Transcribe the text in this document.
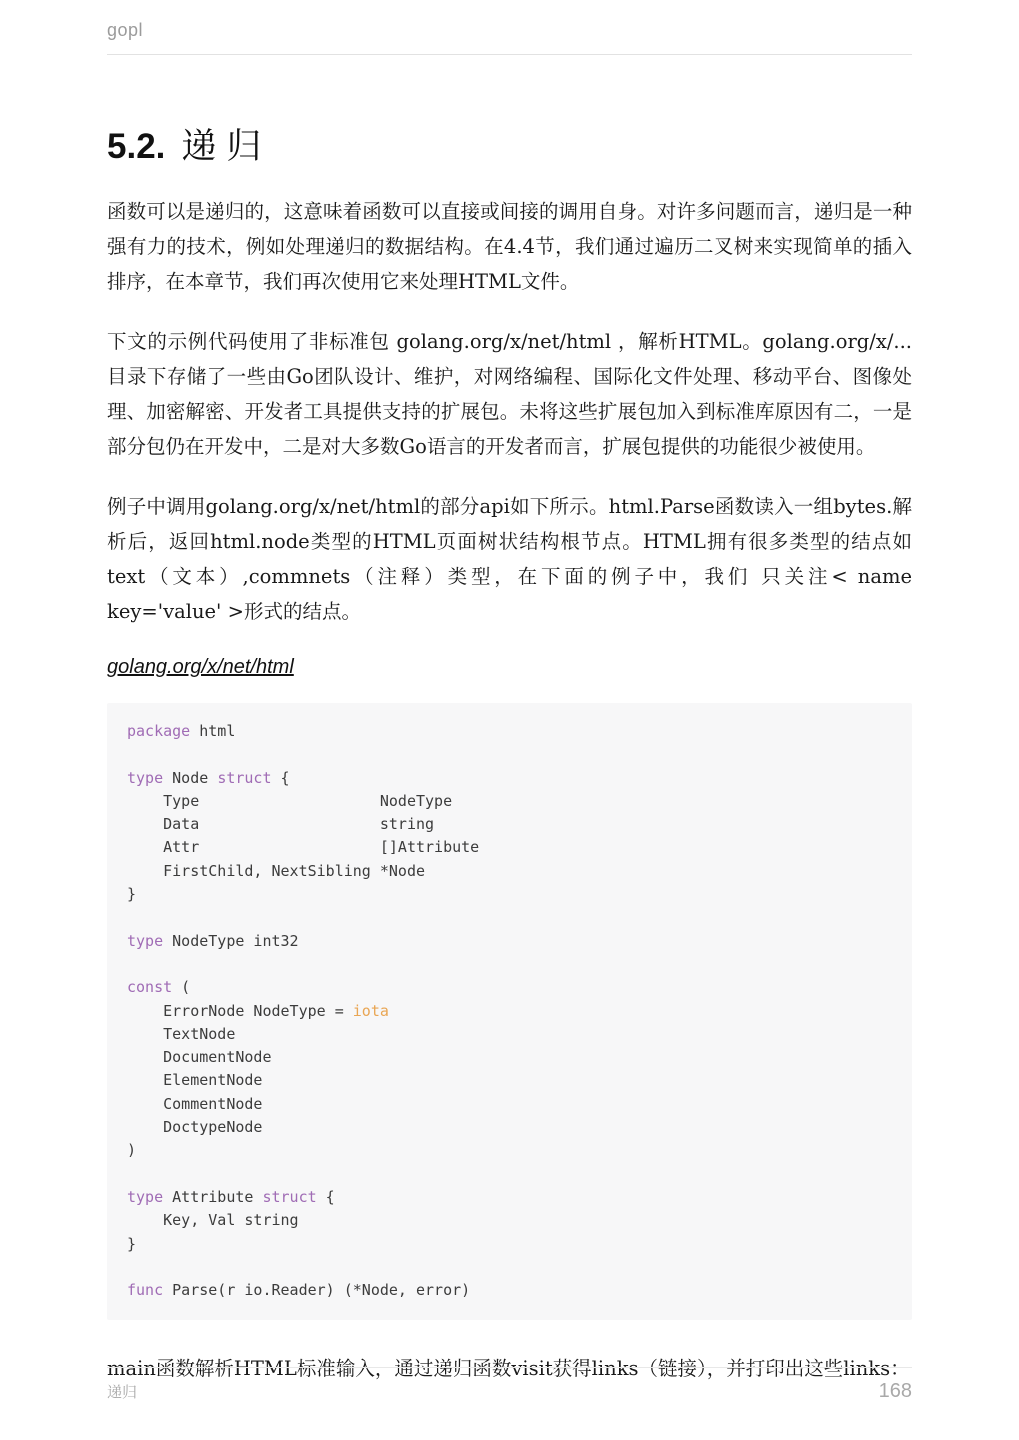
gopl
5.2. 递归

函数可以是递归的，这意味着函数可以直接或间接的调用自身。对许多问题而言，递归是一种强有力的技术，例如处理递归的数据结构。在4.4节，我们通过遍历二叉树来实现简单的插入排序，在本章节，我们再次使用它来处理HTML文件。

下文的示例代码使用了非标准包 golang.org/x/net/html ，解析HTML。golang.org/x/... 目录下存储了一些由Go团队设计、维护，对网络编程、国际化文件处理、移动平台、图像处理、加密解密、开发者工具提供支持的扩展包。未将这些扩展包加入到标准库原因有二，一是部分包仍在开发中，二是对大多数Go语言的开发者而言，扩展包提供的功能很少被使用。

例子中调用golang.org/x/net/html的部分api如下所示。html.Parse函数读入一组bytes.解析后，返回html.node类型的HTML页面树状结构根节点。HTML拥有很多类型的结点如text（文本）,commnets（注释）类型，在下面的例子中，我们 只关注< name key='value' >形式的结点。

golang.org/x/net/html
package html

type Node struct {
Type                    NodeType
Data                    string
Attr                    []Attribute
FirstChild, NextSibling *Node
}

type NodeType int32

const (
ErrorNode NodeType = iota
TextNode
DocumentNode
ElementNode
CommentNode
DoctypeNode
)

type Attribute struct {
Key, Val string
}

func Parse(r io.Reader) (*Node, error)

main函数解析HTML标准输入，通过递归函数visit获得links（链接），并打印出这些links：

递归	168
